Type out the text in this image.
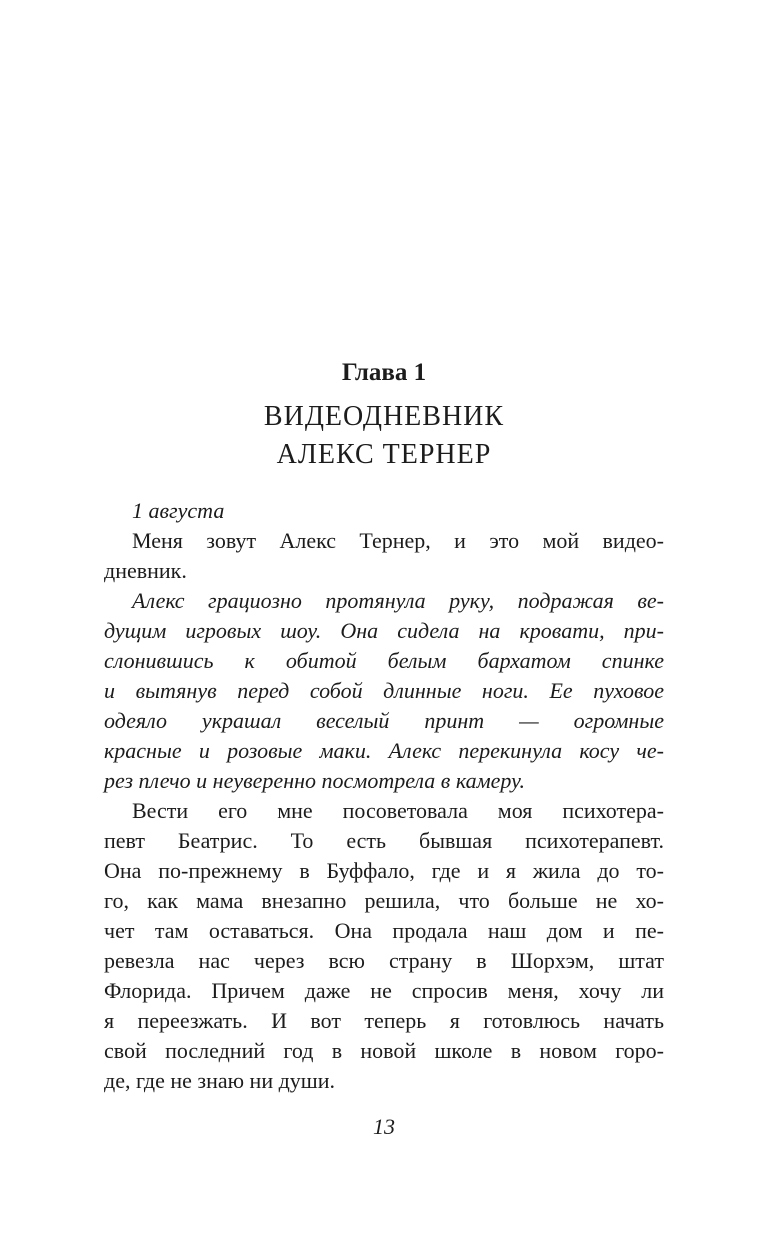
Глава 1
ВИДЕОДНЕВНИК
АЛЕКС ТЕРНЕР
1 августа
Меня зовут Алекс Тернер, и это мой видео-
дневник.
Алекс грациозно протянула руку, подражая ве-
дущим игровых шоу. Она сидела на кровати, при-
слонившись к обитой белым бархатом спинке
и вытянув перед собой длинные ноги. Ее пуховое
одеяло украшал веселый принт — огромные
красные и розовые маки. Алекс перекинула косу че-
рез плечо и неуверенно посмотрела в камеру.
Вести его мне посоветовала моя психотера-
певт Беатрис. То есть бывшая психотерапевт.
Она по-прежнему в Буффало, где и я жила до то-
го, как мама внезапно решила, что больше не хо-
чет там оставаться. Она продала наш дом и пе-
ревезла нас через всю страну в Шорхэм, штат
Флорида. Причем даже не спросив меня, хочу ли
я переезжать. И вот теперь я готовлюсь начать
свой последний год в новой школе в новом горо-
де, где не знаю ни души.
13
